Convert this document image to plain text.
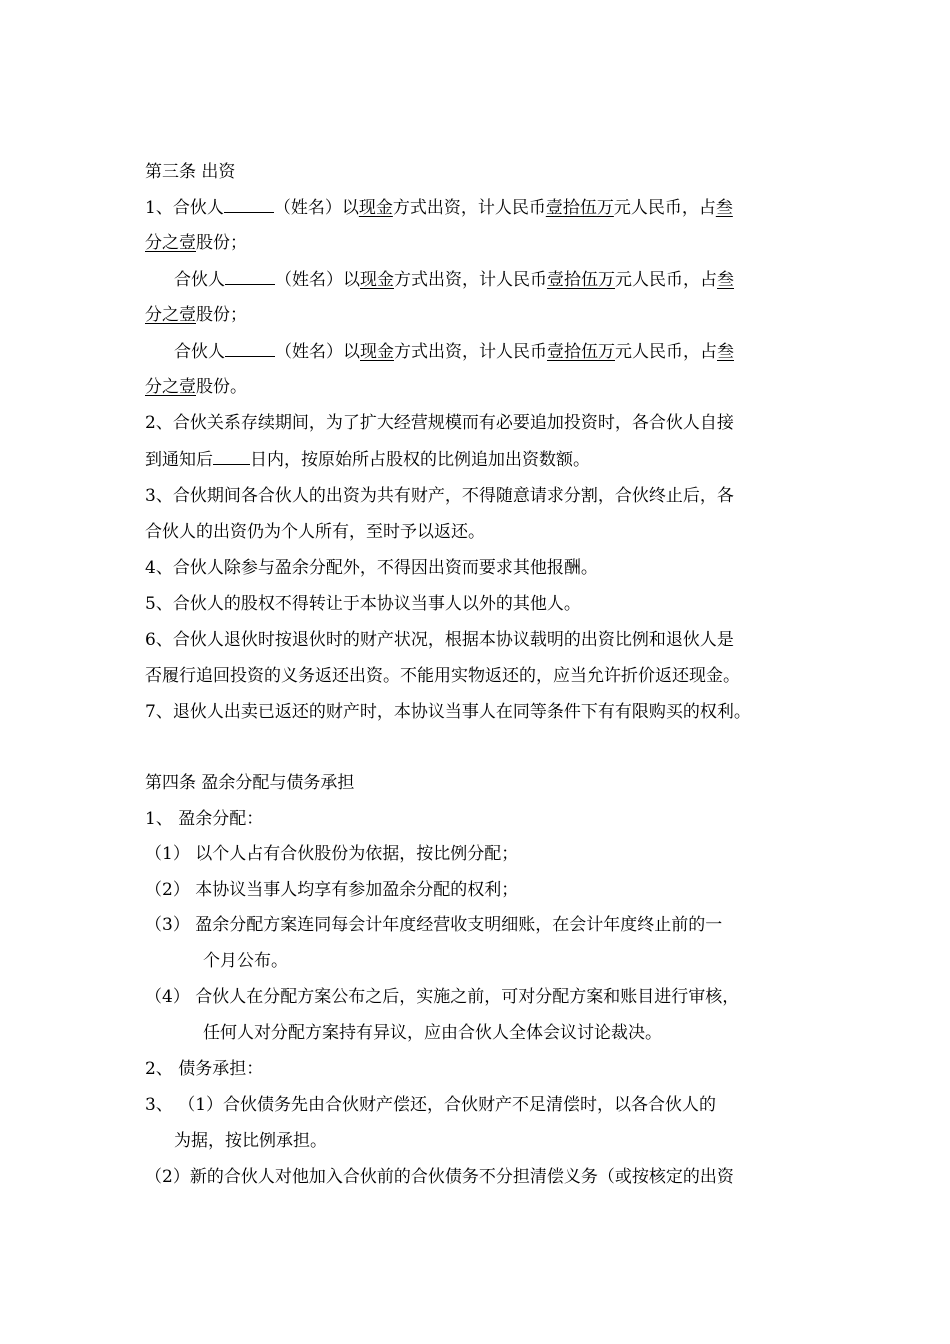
第三条 出资
1、合伙人	（姓名）以现金方式出资，计人民币壹拾伍万元人民币，占叁
分之壹股份；
合伙人	（姓名）以现金方式出资，计人民币壹拾伍万元人民币，占叁
分之壹股份；
合伙人	（姓名）以现金方式出资，计人民币壹拾伍万元人民币，占叁
分之壹股份。
2、合伙关系存续期间，为了扩大经营规模而有必要追加投资时，各合伙人自接
到通知后 日内，按原始所占股权的比例追加出资数额。
3、合伙期间各合伙人的出资为共有财产，不得随意请求分割，合伙终止后，各
合伙人的出资仍为个人所有，至时予以返还。
4、合伙人除参与盈余分配外，不得因出资而要求其他报酬。
5、合伙人的股权不得转让于本协议当事人以外的其他人。
6、合伙人退伙时按退伙时的财产状况，根据本协议载明的出资比例和退伙人是
否履行追回投资的义务返还出资。不能用实物返还的，应当允许折价返还现金。
7、退伙人出卖已返还的财产时，本协议当事人在同等条件下有有限购买的权利。
第四条 盈余分配与债务承担
1、 盈余分配：
（1） 以个人占有合伙股份为依据，按比例分配；
（2） 本协议当事人均享有参加盈余分配的权利；
（3） 盈余分配方案连同每会计年度经营收支明细账，在会计年度终止前的一
个月公布。
（4） 合伙人在分配方案公布之后，实施之前，可对分配方案和账目进行审核，
任何人对分配方案持有异议，应由合伙人全体会议讨论裁决。
2、 债务承担：
3、 （1）合伙债务先由合伙财产偿还，合伙财产不足清偿时，以各合伙人的
为据，按比例承担。
（2）新的合伙人对他加入合伙前的合伙债务不分担清偿义务（或按核定的出资
